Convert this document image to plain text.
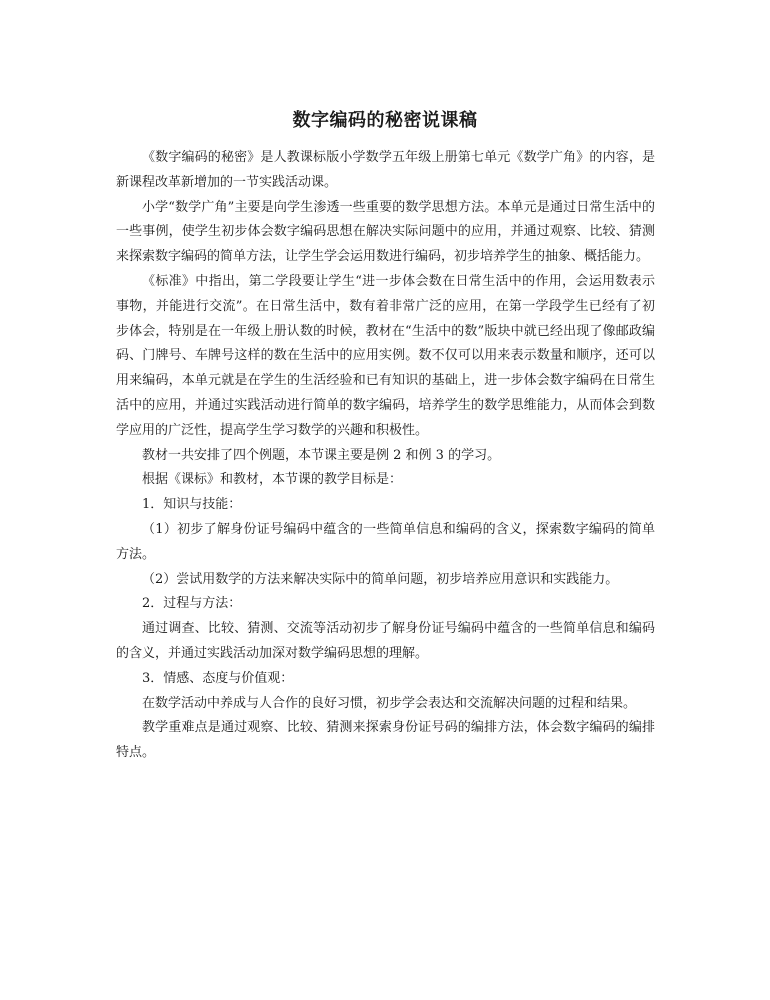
数字编码的秘密说课稿

《数字编码的秘密》是人教课标版小学数学五年级上册第七单元《数学广角》的内容，是新课程改革新增加的一节实践活动课。

小学“数学广角”主要是向学生渗透一些重要的数学思想方法。本单元是通过日常生活中的一些事例，使学生初步体会数字编码思想在解决实际问题中的应用，并通过观察、比较、猜测来探索数字编码的简单方法，让学生学会运用数进行编码，初步培养学生的抽象、概括能力。

《标准》中指出，第二学段要让学生“进一步体会数在日常生活中的作用，会运用数表示事物，并能进行交流”。在日常生活中，数有着非常广泛的应用，在第一学段学生已经有了初步体会，特别是在一年级上册认数的时候，教材在“生活中的数”版块中就已经出现了像邮政编码、门牌号、车牌号这样的数在生活中的应用实例。数不仅可以用来表示数量和顺序，还可以用来编码，本单元就是在学生的生活经验和已有知识的基础上，进一步体会数字编码在日常生活中的应用，并通过实践活动进行简单的数字编码，培养学生的数学思维能力，从而体会到数学应用的广泛性，提高学生学习数学的兴趣和积极性。

教材一共安排了四个例题，本节课主要是例 2 和例 3 的学习。

根据《课标》和教材，本节课的教学目标是：

1．知识与技能：

（1）初步了解身份证号编码中蕴含的一些简单信息和编码的含义，探索数字编码的简单方法。

（2）尝试用数学的方法来解决实际中的简单问题，初步培养应用意识和实践能力。

2．过程与方法：

通过调查、比较、猜测、交流等活动初步了解身份证号编码中蕴含的一些简单信息和编码的含义，并通过实践活动加深对数学编码思想的理解。

3．情感、态度与价值观：

在数学活动中养成与人合作的良好习惯，初步学会表达和交流解决问题的过程和结果。

教学重难点是通过观察、比较、猜测来探索身份证号码的编排方法，体会数字编码的编排特点。
